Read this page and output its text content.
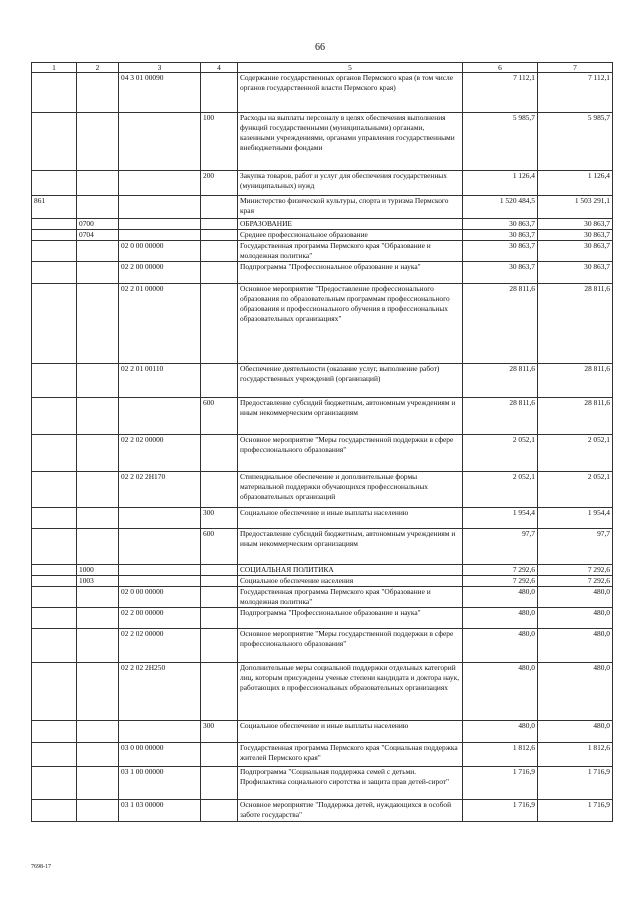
66
1	2	3	4	5	6	7
		04 3 01 00090		Содержание государственных органов Пермского края (в том числе органов государственной власти Пермского края)	7 112,1	7 112,1
			100	Расходы на выплаты персоналу в целях обеспечения выполнения функций государственными (муниципальными) органами, казенными учреждениями, органами управления государственными внебюджетными фондами	5 985,7	5 985,7
			200	Закупка товаров, работ и услуг для обеспечения государственных (муниципальных) нужд	1 126,4	1 126,4
861				Министерство физической культуры, спорта и туризма Пермского края	1 520 484,5	1 503 291,1
	0700			ОБРАЗОВАНИЕ	30 863,7	30 863,7
	0704			Среднее профессиональное образование	30 863,7	30 863,7
		02 0 00 00000		Государственная программа Пермского края "Образование и молодежная политика"	30 863,7	30 863,7
		02 2 00 00000		Подпрограмма "Профессиональное образование и наука"	30 863,7	30 863,7
		02 2 01 00000		Основное мероприятие "Предоставление профессионального образования по образовательным программам профессионального образования и профессионального обучения в профессиональных образовательных организациях"	28 811,6	28 811,6
		02 2 01 00110		Обеспечение деятельности (оказание услуг, выполнение работ) государственных учреждений (организаций)	28 811,6	28 811,6
			600	Предоставление субсидий бюджетным, автономным учреждениям и иным некоммерческим организациям	28 811,6	28 811,6
		02 2 02 00000		Основное мероприятие "Меры государственной поддержки в сфере профессионального образования"	2 052,1	2 052,1
		02 2 02 2Н170		Стипендиальное обеспечение и дополнительные формы материальной поддержки обучающихся профессиональных образовательных организаций	2 052,1	2 052,1
			300	Социальное обеспечение и иные выплаты населению	1 954,4	1 954,4
			600	Предоставление субсидий бюджетным, автономным учреждениям и иным некоммерческим организациям	97,7	97,7
	1000			СОЦИАЛЬНАЯ ПОЛИТИКА	7 292,6	7 292,6
	1003			Социальное обеспечение населения	7 292,6	7 292,6
		02 0 00 00000		Государственная программа Пермского края "Образование и молодежная политика"	480,0	480,0
		02 2 00 00000		Подпрограмма "Профессиональное образование и наука"	480,0	480,0
		02 2 02 00000		Основное мероприятие "Меры государственной поддержки в сфере профессионального образования"	480,0	480,0
		02 2 02 2Н250		Дополнительные меры социальной поддержки отдельных категорий лиц, которым присуждены ученые степени кандидата и доктора наук, работающих в профессиональных образовательных организациях	480,0	480,0
			300	Социальное обеспечение и иные выплаты населению	480,0	480,0
		03 0 00 00000		Государственная программа Пермского края "Социальная поддержка жителей Пермского края"	1 812,6	1 812,6
		03 1 00 00000		Подпрограмма "Социальная поддержка семей с детьми. Профилактика социального сиротства и защита прав детей-сирот"	1 716,9	1 716,9
		03 1 03 00000		Основное мероприятие "Поддержка детей, нуждающихся в особой заботе государства"	1 716,9	1 716,9
7698-17
